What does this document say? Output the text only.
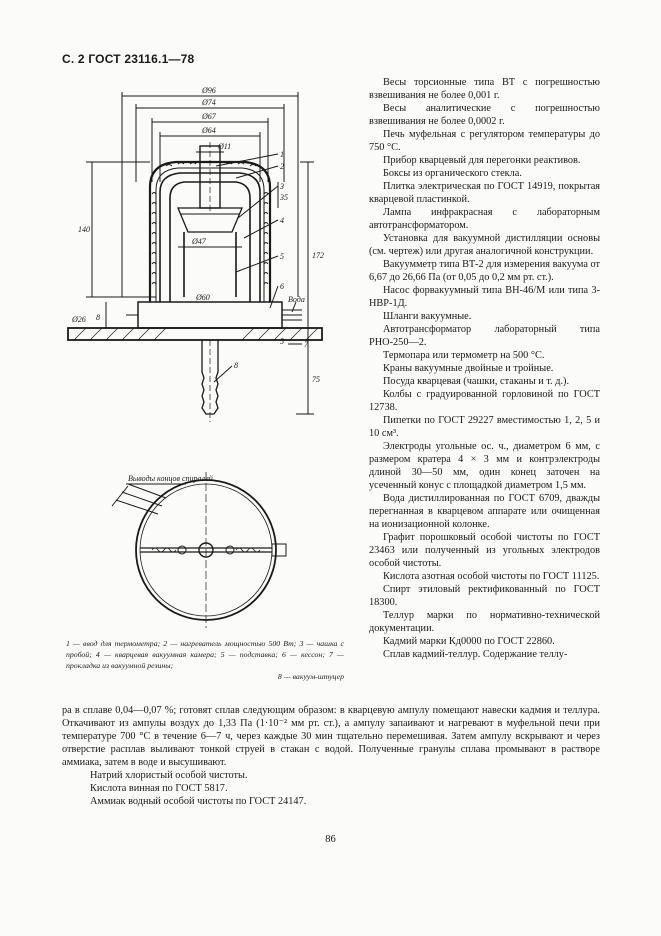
С. 2 ГОСТ 23116.1—78
Ø96
Ø74
Ø67
Ø64
Ø11
Ø47
Ø60
Ø26
35
140
172
8
5
75
1
2
3
4
5
6
7
8
Вода
Выводы концов спиралей

Весы торсионные типа ВТ с погрешностью взвешивания не более 0,001 г.

Весы аналитические с погрешностью взвешивания не более 0,0002 г.

Печь муфельная с регулятором температуры до 750 °С.

Прибор кварцевый для перегонки реактивов.

Боксы из органического стекла.

Плитка электрическая по ГОСТ 14919, покрытая кварцевой пластинкой.

Лампа инфракрасная с лабораторным автотрансформатором.

Установка для вакуумной дистилляции основы (см. чертеж) или другая аналогичной конструкции.

Вакуумметр типа ВТ-2 для измерения вакуума от 6,67 до 26,66 Па (от 0,05 до 0,2 мм рт. ст.).

Насос форвакуумный типа ВН-46/М или типа 3-НВР-1Д.

Шланги вакуумные.

Автотрансформатор лабораторный типа РНО-250—2.

Термопара или термометр на 500 °С.

Краны вакуумные двойные и тройные.

Посуда кварцевая (чашки, стаканы и т. д.).

Колбы с градуированной горловиной по ГОСТ 12738.

Пипетки по ГОСТ 29227 вместимостью 1, 2, 5 и 10 см³.

Электроды угольные ос. ч., диаметром 6 мм, с размером кратера 4 × 3 мм и контрэлектроды длиной 30—50 мм, один конец заточен на усеченный конус с площадкой диаметром 1,5 мм.

Вода дистиллированная по ГОСТ 6709, дважды перегнанная в кварцевом аппарате или очищенная на ионизационной колонке.

Графит порошковый особой чистоты по ГОСТ 23463 или полученный из угольных электродов особой чистоты.

Кислота азотная особой чистоты по ГОСТ 11125.

Спирт этиловый ректификованный по ГОСТ 18300.

Теллур марки по нормативно-технической документации.

Кадмий марки Кд0000 по ГОСТ 22860.

Сплав кадмий-теллур. Содержание теллу-

1 — ввод для термометра; 2 — нагреватель мощностью 500 Вт; 3 — чашка с пробой; 4 — кварцевая вакуумная камера; 5 — подставка; 6 — кессон; 7 — прокладка из вакуумной резины;
8 — вакуум-штуцер

ра в сплаве 0,04—0,07 %; готовят сплав следующим образом: в кварцевую ампулу помещают навески кадмия и теллура. Откачивают из ампулы воздух до 1,33 Па (1·10⁻² мм рт. ст.), а ампулу запаивают и нагревают в муфельной печи при температуре 700 °С в течение 6—7 ч, через каждые 30 мин тщательно перемешивая. Затем ампулу вскрывают и через отверстие расплав выливают тонкой струей в стакан с водой. Полученные гранулы сплава промывают в растворе аммиака, затем в воде и высушивают.

Натрий хлористый особой чистоты.

Кислота винная по ГОСТ 5817.

Аммиак водный особой чистоты по ГОСТ 24147.

86
